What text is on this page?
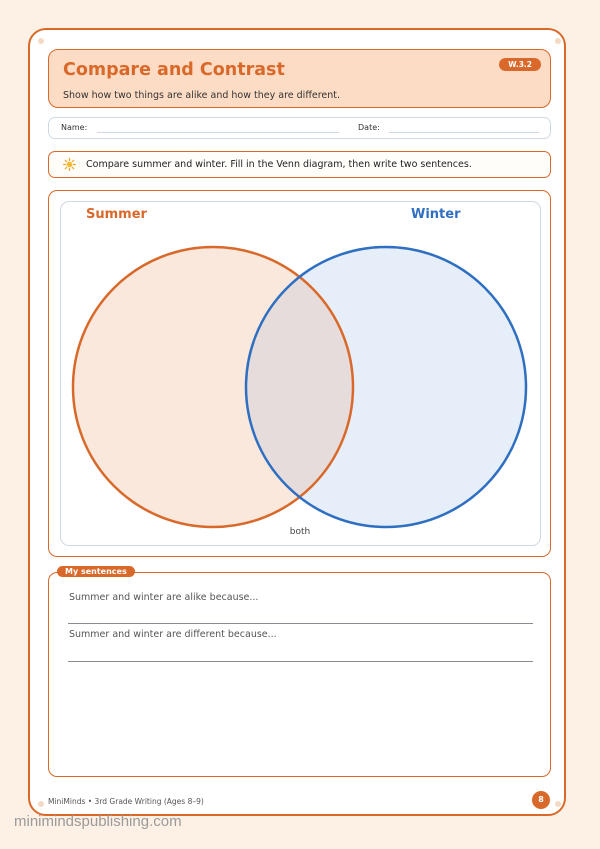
Compare and Contrast
Show how two things are alike and how they are different.
W.3.2
Name:	Date:
Compare summer and winter. Fill in the Venn diagram, then write two sentences.
Summer	Winter
both
My sentences
Summer and winter are alike because...
Summer and winter are different because...
MiniMinds • 3rd Grade Writing (Ages 8–9)	8
minimindspublishing.com
